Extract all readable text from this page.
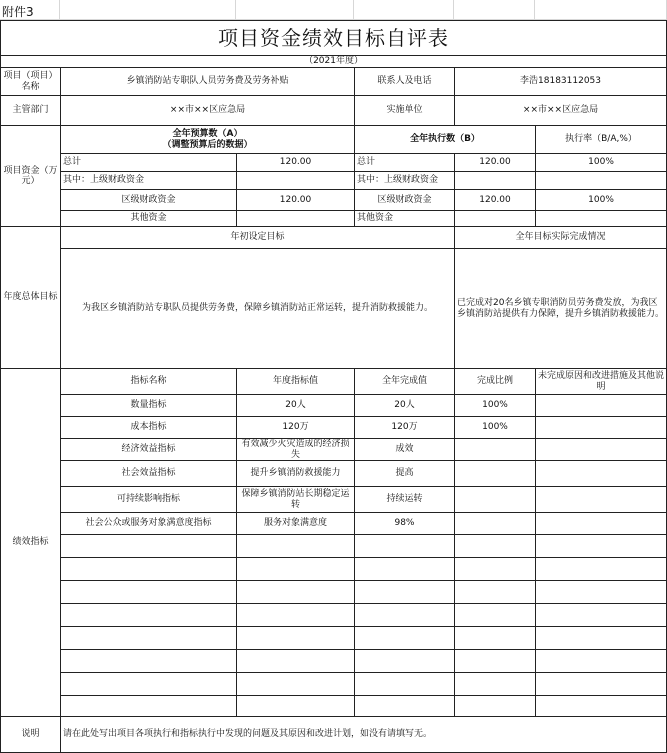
附件3
项目资金绩效目标自评表					
（2021年度）					
项目（项目）名称	乡镇消防站专职队人员劳务费及劳务补贴		联系人及电话	李浩18183112053	
主管部门	××市××区应急局		实施单位	××市××区应急局	
项目资金（万元）	全年预算数（A）
（调整预算后的数据）		全年执行数（B）		执行率（B/A,%）
	总计	120.00	总计	120.00	100%
	其中：上级财政资金		其中：上级财政资金		
	区级财政资金	120.00	区级财政资金	120.00	100%
	其他资金		其他资金		
年度总体目标	年初设定目标			全年目标实际完成情况	
	为我区乡镇消防站专职队员提供劳务费，保障乡镇消防站正常运转，提升消防救援能力。			已完成对20名乡镇专职消防员劳务费发放，为我区乡镇消防站提供有力保障，提升乡镇消防救援能力。	
绩效指标	指标名称	年度指标值	全年完成值	完成比例	未完成原因和改进措施及其他说明
	数量指标	20人	20人	100%	
	成本指标	120万	120万	100%	
	经济效益指标	有效减少火灾造成的经济损失	成效		
	社会效益指标	提升乡镇消防救援能力	提高		
	可持续影响指标	保障乡镇消防站长期稳定运转	持续运转		
	社会公众或服务对象满意度指标	服务对象满意度	98%		

说明	请在此处写出项目各项执行和指标执行中发现的问题及其原因和改进计划，如没有请填写无。				
